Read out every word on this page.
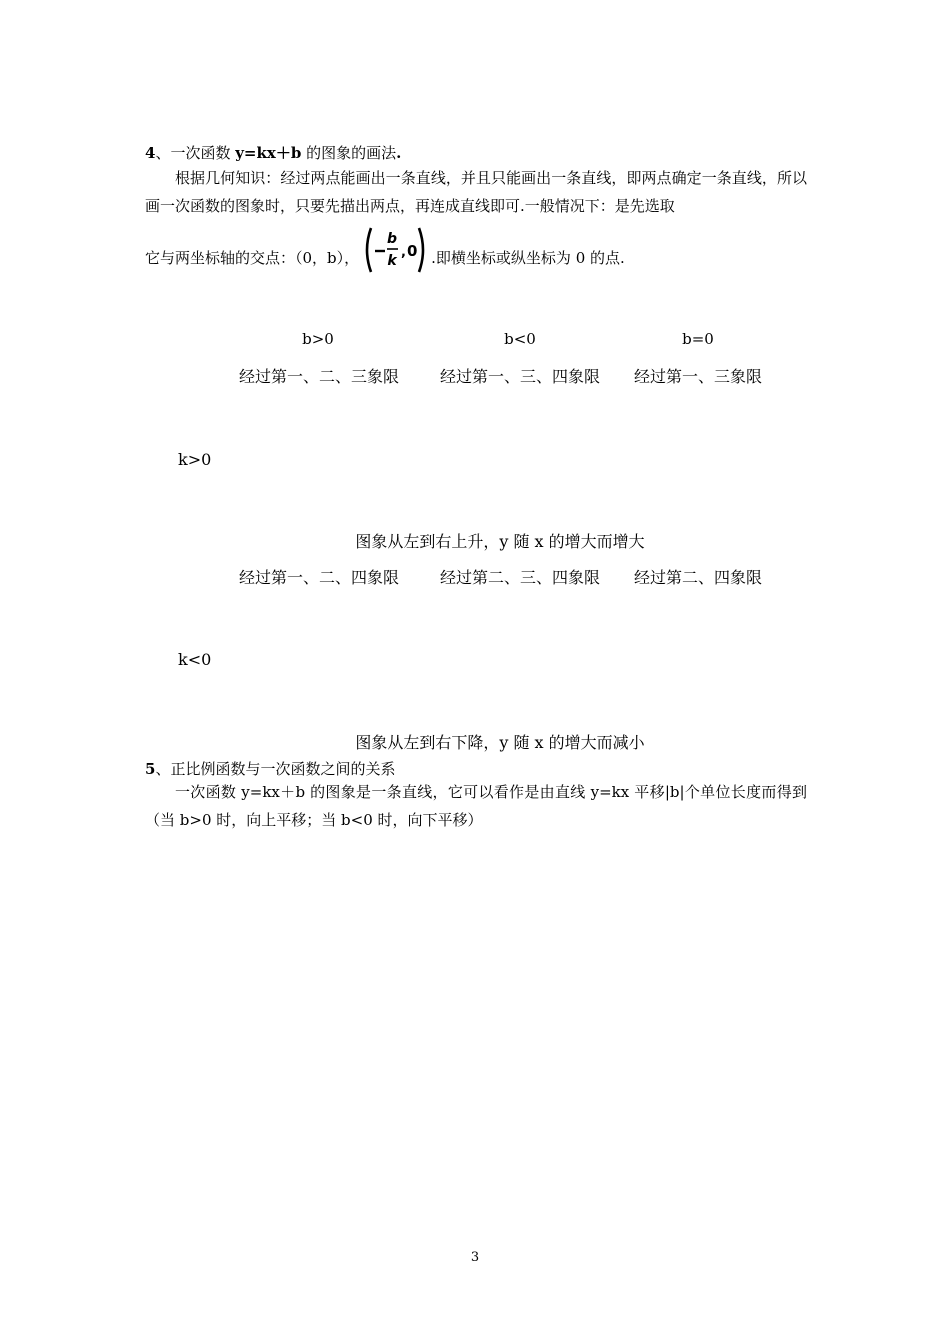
4、一次函数 y=kx＋b 的图象的画法.
根据几何知识：经过两点能画出一条直线，并且只能画出一条直线，即两点确定一条直线，所以画一次函数的图象时，只要先描出两点，再连成直线即可.一般情况下：是先选取
它与两坐标轴的交点：（0，b），
b
k
, 0 .即横坐标或纵坐标为 0 的点.
b>0	b<0	b=0
经过第一、二、三象限	经过第一、三、四象限	经过第一、三象限
k>0
图象从左到右上升，y 随 x 的增大而增大
经过第一、二、四象限	经过第二、三、四象限	经过第二、四象限
k<0
图象从左到右下降，y 随 x 的增大而减小
5、正比例函数与一次函数之间的关系
一次函数 y=kx＋b 的图象是一条直线，它可以看作是由直线 y=kx 平移|b|个单位长度而得到（当 b>0 时，向上平移；当 b<0 时，向下平移）
3
